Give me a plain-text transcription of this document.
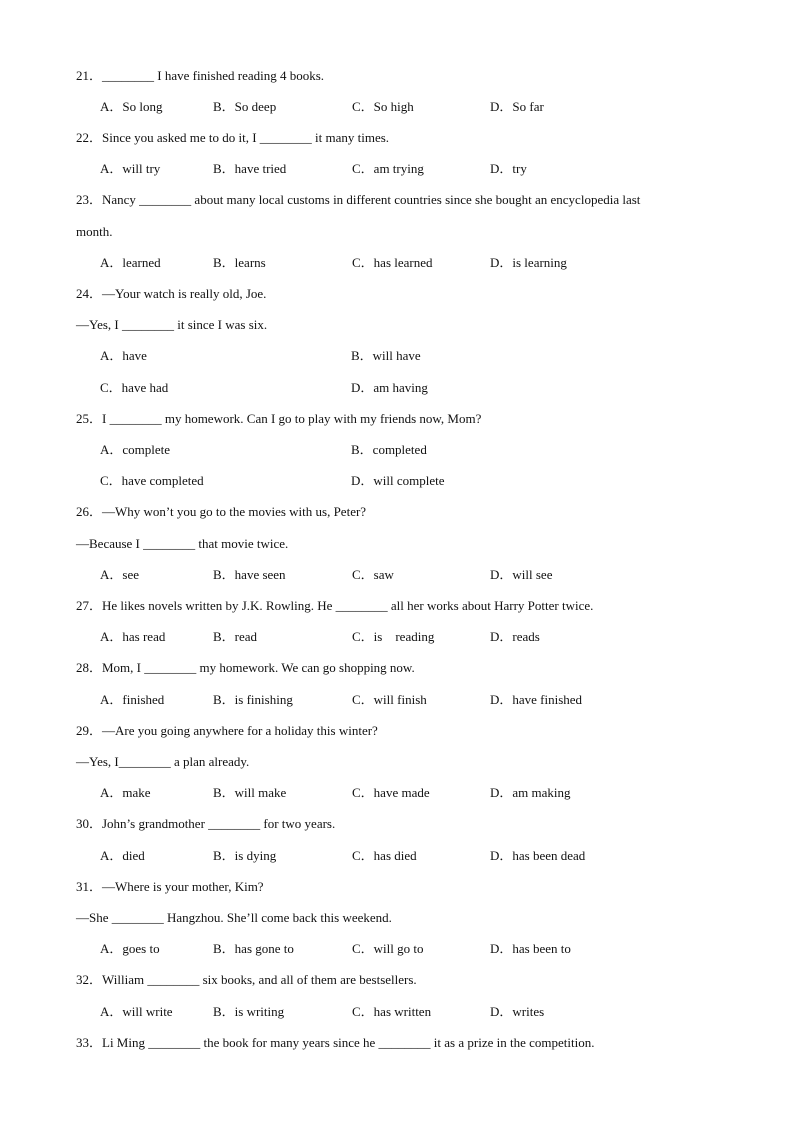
21．________ I have finished reading 4 books.
A．So long	B．So deep	C．So high	D．So far
22．Since you asked me to do it, I ________ it many times.
A．will try	B．have tried	C．am trying	D．try
23．Nancy ________ about many local customs in different countries since she bought an encyclopedia last
month.
A．learned	B．learns	C．has learned	D．is learning
24．—Your watch is really old, Joe.
—Yes, I ________ it since I was six.
A．have	B．will have
C．have had	D．am having
25．I ________ my homework. Can I go to play with my friends now, Mom?
A．complete	B．completed
C．have completed	D．will complete
26．—Why won’t you go to the movies with us, Peter?
—Because I ________ that movie twice.
A．see	B．have seen	C．saw	D．will see
27．He likes novels written by J.K. Rowling. He ________ all her works about Harry Potter twice.
A．has read	B．read	C．is    reading	D．reads
28．Mom, I ________ my homework. We can go shopping now.
A．finished	B．is finishing	C．will finish	D．have finished
29．—Are you going anywhere for a holiday this winter?
—Yes, I________ a plan already.
A．make	B．will make	C．have made	D．am making
30．John’s grandmother ________ for two years.
A．died	B．is dying	C．has died	D．has been dead
31．—Where is your mother, Kim?
—She ________ Hangzhou. She’ll come back this weekend.
A．goes to	B．has gone to	C．will go to	D．has been to
32．William ________ six books, and all of them are bestsellers.
A．will write	B．is writing	C．has written	D．writes
33．Li Ming ________ the book for many years since he ________ it as a prize in the competition.
